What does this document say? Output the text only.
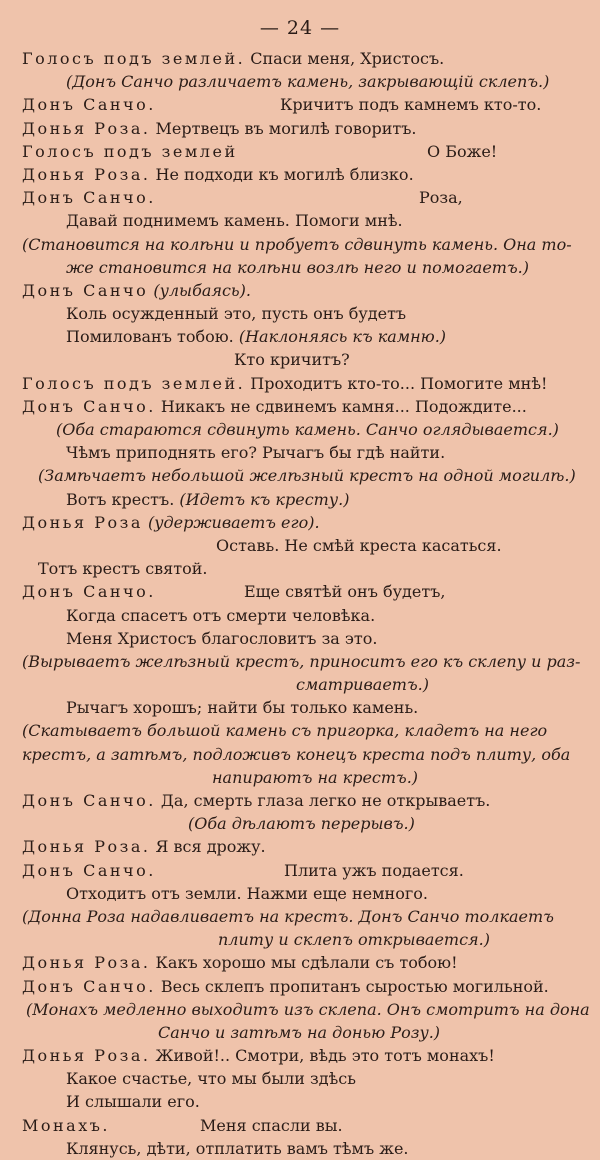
— 24 —
Голосъ подъ землей. Спаси меня, Христосъ.
(Донъ Санчо различаетъ камень, закрывающій склепъ.)
Донъ Санчо.	Кричитъ подъ камнемъ кто-то.
Донья Роза. Мертвецъ въ могилѣ говоритъ.
Голосъ подъ землей	О Боже!
Донья Роза. Не подходи къ могилѣ близко.
Донъ Санчо.	Роза,
Давай поднимемъ камень. Помоги мнѣ.
(Становится на колѣни и пробуетъ сдвинуть камень. Она то-
же становится на колѣни возлѣ него и помогаетъ.)
Донъ Санчо (улыбаясь).
Коль осужденный это, пусть онъ будетъ
Помилованъ тобою. (Наклоняясь къ камню.)
Кто кричитъ?
Голосъ подъ землей. Проходитъ кто-то... Помогите мнѣ!
Донъ Санчо. Никакъ не сдвинемъ камня... Подождите...
(Оба стараются сдвинуть камень. Санчо оглядывается.)
Чѣмъ приподнять его? Рычагъ бы гдѣ найти.
(Замѣчаетъ небольшой желѣзный крестъ на одной могилѣ.)
Вотъ крестъ. (Идетъ къ кресту.)
Донья Роза (удерживаетъ его).
Оставь. Не смѣй креста касаться.
Тотъ крестъ святой.
Донъ Санчо.	Еще святѣй онъ будетъ,
Когда спасетъ отъ смерти человѣка.
Меня Христосъ благословитъ за это.
(Вырываетъ желѣзный крестъ, приноситъ его къ склепу и раз-
сматриваетъ.)
Рычагъ хорошъ; найти бы только камень.
(Скатываетъ большой камень съ пригорка, кладетъ на него
крестъ, а затѣмъ, подложивъ конецъ креста подъ плиту, оба
напираютъ на крестъ.)
Донъ Санчо. Да, смерть глаза легко не открываетъ.
(Оба дѣлаютъ перерывъ.)
Донья Роза. Я вся дрожу.
Донъ Санчо.	Плита ужъ подается.
Отходитъ отъ земли. Нажми еще немного.
(Донна Роза надавливаетъ на крестъ. Донъ Санчо толкаетъ
плиту и склепъ открывается.)
Донья Роза. Какъ хорошо мы сдѣлали съ тобою!
Донъ Санчо. Весь склепъ пропитанъ сыростью могильной.
(Монахъ медленно выходитъ изъ склепа. Онъ смотритъ на дона
Санчо и затѣмъ на донью Розу.)
Донья Роза. Живой!.. Смотри, вѣдь это тотъ монахъ!
Какое счастье, что мы были здѣсь
И слышали его.
Монахъ.	Меня спасли вы.
Клянусь, дѣти, отплатить вамъ тѣмъ же.
